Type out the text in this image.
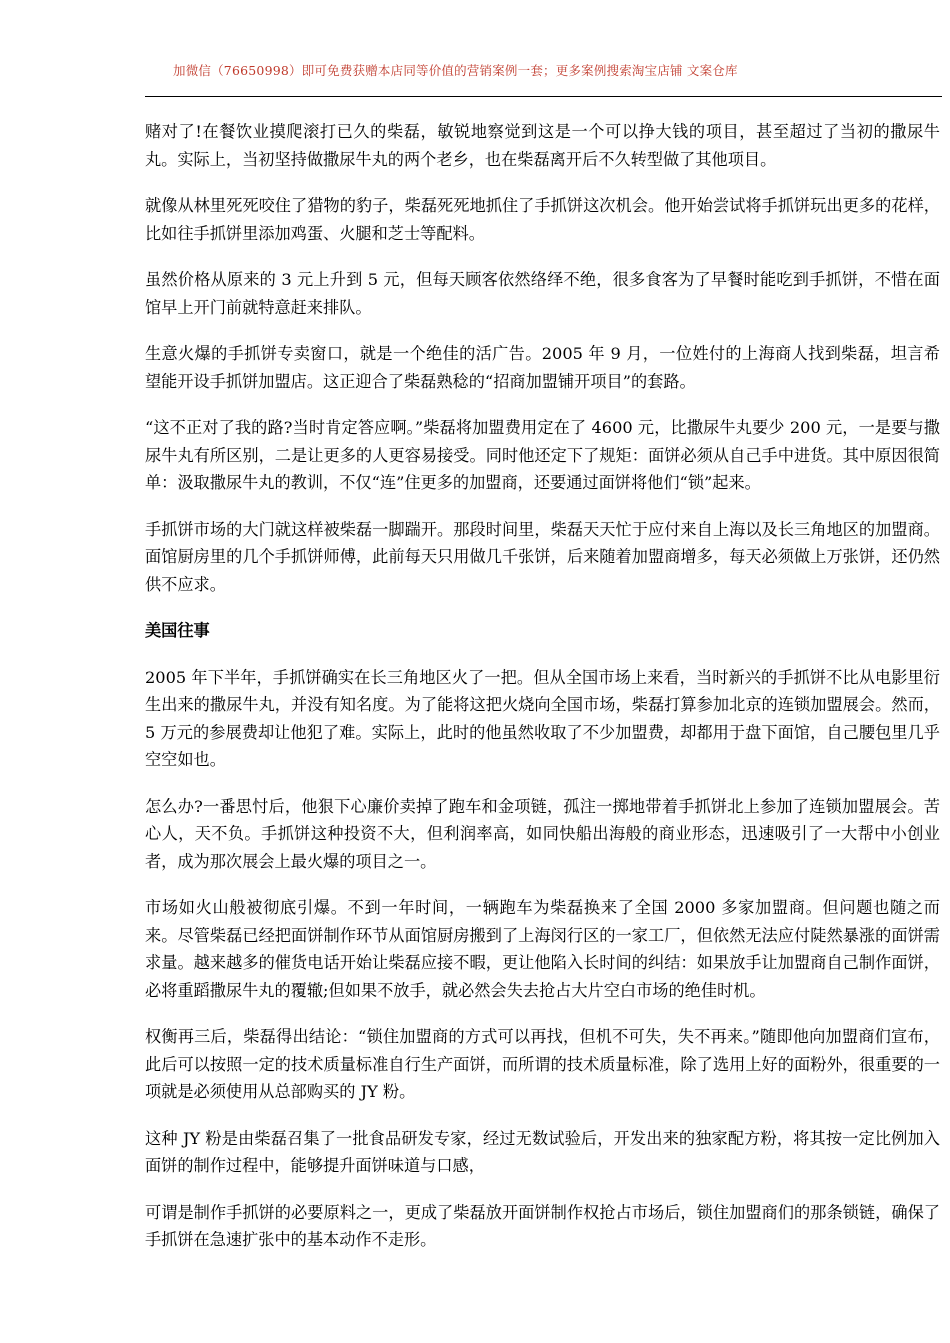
加微信（76650998）即可免费获赠本店同等价值的营销案例一套；更多案例搜索淘宝店铺 文案仓库

赌对了!在餐饮业摸爬滚打已久的柴磊，敏锐地察觉到这是一个可以挣大钱的项目，甚至超过了当初的撒尿牛丸。实际上，当初坚持做撒尿牛丸的两个老乡，也在柴磊离开后不久转型做了其他项目。

就像从林里死死咬住了猎物的豹子，柴磊死死地抓住了手抓饼这次机会。他开始尝试将手抓饼玩出更多的花样，比如往手抓饼里添加鸡蛋、火腿和芝士等配料。

虽然价格从原来的 3 元上升到 5 元，但每天顾客依然络绎不绝，很多食客为了早餐时能吃到手抓饼，不惜在面馆早上开门前就特意赶来排队。

生意火爆的手抓饼专卖窗口，就是一个绝佳的活广告。2005 年 9 月，一位姓付的上海商人找到柴磊，坦言希望能开设手抓饼加盟店。这正迎合了柴磊熟稔的“招商加盟铺开项目”的套路。

“这不正对了我的路?当时肯定答应啊。”柴磊将加盟费用定在了 4600 元，比撒尿牛丸要少 200 元，一是要与撒尿牛丸有所区别，二是让更多的人更容易接受。同时他还定下了规矩：面饼必须从自己手中进货。其中原因很简单：汲取撒尿牛丸的教训，不仅“连”住更多的加盟商，还要通过面饼将他们“锁”起来。

手抓饼市场的大门就这样被柴磊一脚踹开。那段时间里，柴磊天天忙于应付来自上海以及长三角地区的加盟商。面馆厨房里的几个手抓饼师傅，此前每天只用做几千张饼，后来随着加盟商增多，每天必须做上万张饼，还仍然供不应求。

美国往事

2005 年下半年，手抓饼确实在长三角地区火了一把。但从全国市场上来看，当时新兴的手抓饼不比从电影里衍生出来的撒尿牛丸，并没有知名度。为了能将这把火烧向全国市场，柴磊打算参加北京的连锁加盟展会。然而，5 万元的参展费却让他犯了难。实际上，此时的他虽然收取了不少加盟费，却都用于盘下面馆，自己腰包里几乎空空如也。

怎么办?一番思忖后，他狠下心廉价卖掉了跑车和金项链，孤注一掷地带着手抓饼北上参加了连锁加盟展会。苦心人，天不负。手抓饼这种投资不大，但利润率高，如同快船出海般的商业形态，迅速吸引了一大帮中小创业者，成为那次展会上最火爆的项目之一。

市场如火山般被彻底引爆。不到一年时间，一辆跑车为柴磊换来了全国 2000 多家加盟商。但问题也随之而来。尽管柴磊已经把面饼制作环节从面馆厨房搬到了上海闵行区的一家工厂，但依然无法应付陡然暴涨的面饼需求量。越来越多的催货电话开始让柴磊应接不暇，更让他陷入长时间的纠结：如果放手让加盟商自己制作面饼，必将重蹈撒尿牛丸的覆辙;但如果不放手，就必然会失去抢占大片空白市场的绝佳时机。

权衡再三后，柴磊得出结论：“锁住加盟商的方式可以再找，但机不可失，失不再来。”随即他向加盟商们宣布，此后可以按照一定的技术质量标准自行生产面饼，而所谓的技术质量标准，除了选用上好的面粉外，很重要的一项就是必须使用从总部购买的 JY 粉。

这种 JY 粉是由柴磊召集了一批食品研发专家，经过无数试验后，开发出来的独家配方粉，将其按一定比例加入面饼的制作过程中，能够提升面饼味道与口感，

可谓是制作手抓饼的必要原料之一，更成了柴磊放开面饼制作权抢占市场后，锁住加盟商们的那条锁链，确保了手抓饼在急速扩张中的基本动作不走形。
